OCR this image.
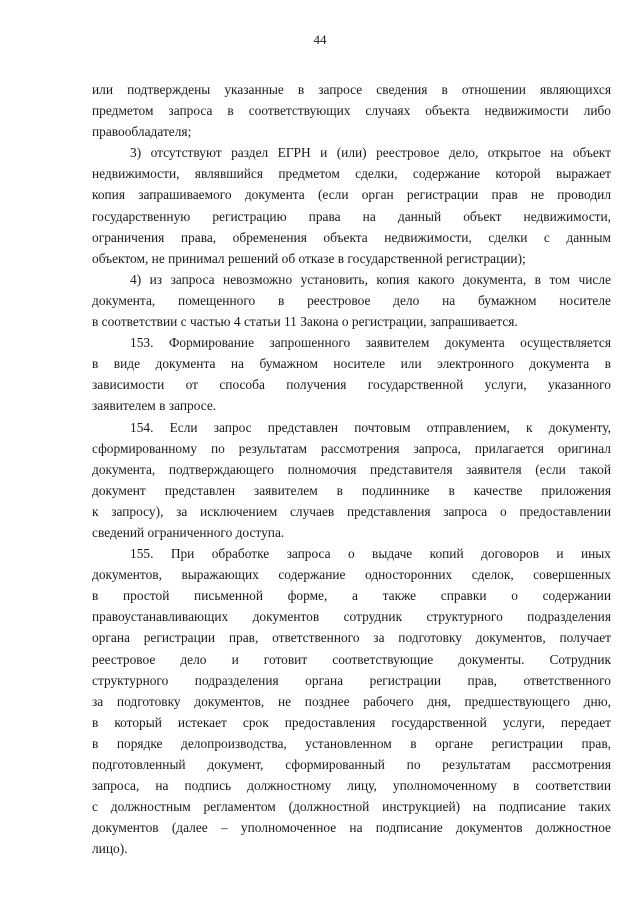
44
или подтверждены указанные в запросе сведения в отношении являющихся
предметом запроса в соответствующих случаях объекта недвижимости либо
правообладателя;
3) отсутствуют раздел ЕГРН и (или) реестровое дело, открытое на объект
недвижимости, являвшийся предметом сделки, содержание которой выражает
копия запрашиваемого документа (если орган регистрации прав не проводил
государственную регистрацию права на данный объект недвижимости,
ограничения права, обременения объекта недвижимости, сделки с данным
объектом, не принимал решений об отказе в государственной регистрации);
4) из запроса невозможно установить, копия какого документа, в том числе
документа, помещенного в реестровое дело на бумажном носителе
в соответствии с частью 4 статьи 11 Закона о регистрации, запрашивается.
153. Формирование запрошенного заявителем документа осуществляется
в виде документа на бумажном носителе или электронного документа в
зависимости от способа получения государственной услуги, указанного
заявителем в запросе.
154. Если запрос представлен почтовым отправлением, к документу,
сформированному по результатам рассмотрения запроса, прилагается оригинал
документа, подтверждающего полномочия представителя заявителя (если такой
документ представлен заявителем в подлиннике в качестве приложения
к запросу), за исключением случаев представления запроса о предоставлении
сведений ограниченного доступа.
155. При обработке запроса о выдаче копий договоров и иных
документов, выражающих содержание односторонних сделок, совершенных
в простой письменной форме, а также справки о содержании
правоустанавливающих документов сотрудник структурного подразделения
органа регистрации прав, ответственного за подготовку документов, получает
реестровое дело и готовит соответствующие документы. Сотрудник
структурного подразделения органа регистрации прав, ответственного
за подготовку документов, не позднее рабочего дня, предшествующего дню,
в который истекает срок предоставления государственной услуги, передает
в порядке делопроизводства, установленном в органе регистрации прав,
подготовленный документ, сформированный по результатам рассмотрения
запроса, на подпись должностному лицу, уполномоченному в соответствии
с должностным регламентом (должностной инструкцией) на подписание таких
документов (далее – уполномоченное на подписание документов должностное
лицо).
